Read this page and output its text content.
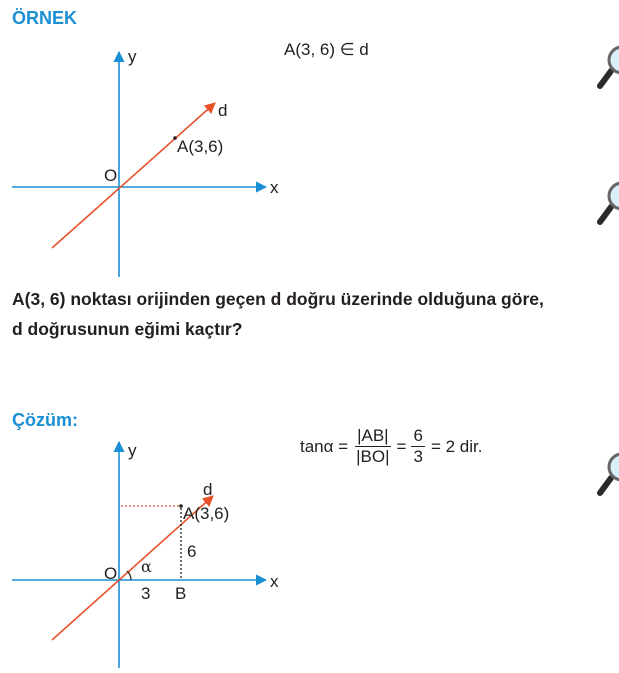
ÖRNEK
A(3, 6) ∈ d
y
x
O
d
A(3,6)
y
x
O
d
A(3,6)
α
3 B
6
A(3, 6) noktası orijinden geçen d doğru üzerinde olduğuna göre,
d doğrusunun eğimi kaçtır?
Çözüm:
$\tan\alpha = \frac{|AB|}{|BO|} = \frac{6}{3} = 2$ dir.
